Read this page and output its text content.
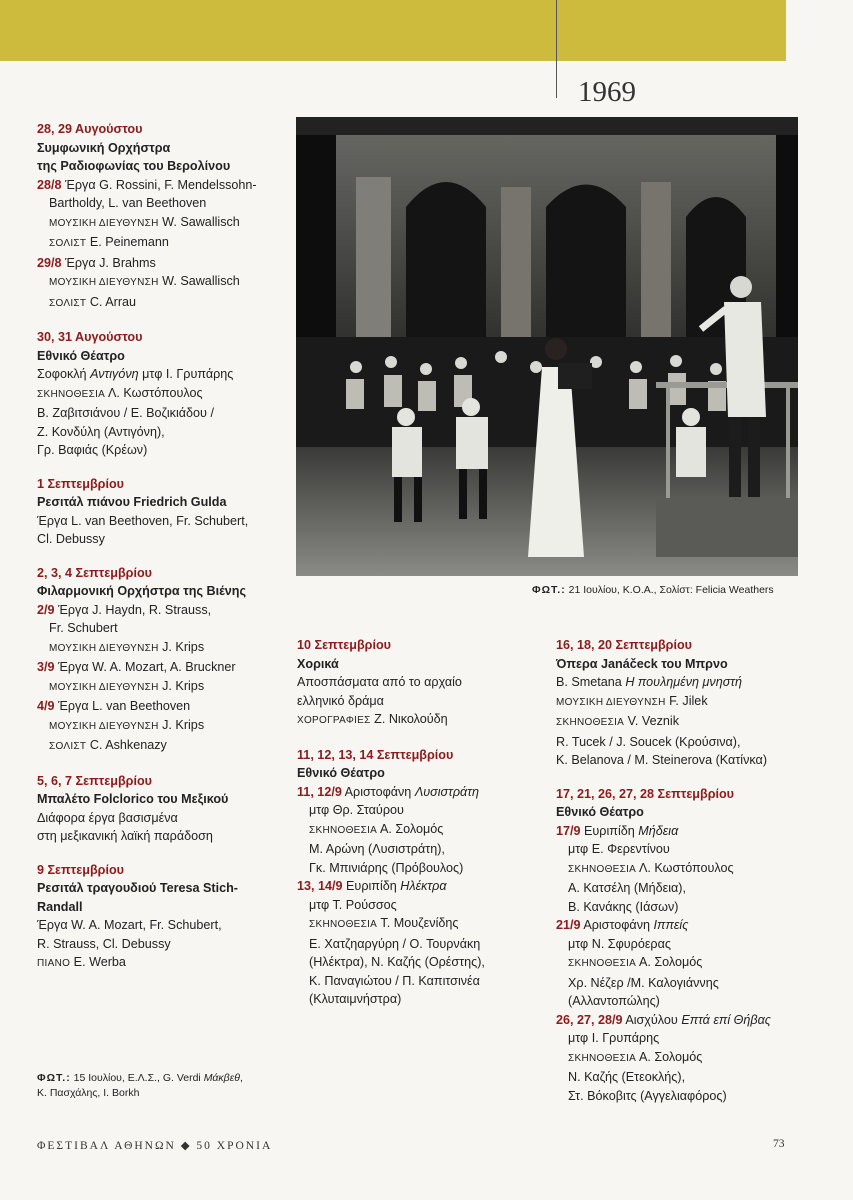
1969
28, 29 Αυγούστου
Συμφωνική Ορχήστρα
της Ραδιοφωνίας του Βερολίνου
28/8 Έργα G. Rossini, F. Mendelssohn-
Bartholdy, L. van Beethoven
ΜΟΥΣΙΚΗ ΔΙΕΥΘΥΝΣΗ W. Sawallisch
ΣΟΛΙΣΤ E. Peinemann
29/8 Έργα J. Brahms
ΜΟΥΣΙΚΗ ΔΙΕΥΘΥΝΣΗ W. Sawallisch
ΣΟΛΙΣΤ C. Arrau
30, 31 Αυγούστου
Εθνικό Θέατρο
Σοφοκλή Αντιγόνη μτφ Ι. Γρυπάρης
ΣΚΗΝΟΘΕΣΙΑ Λ. Κωστόπουλος
Β. Ζαβιτσιάνου / Ε. Βοζικιάδου /
Ζ. Κονδύλη (Αντιγόνη),
Γρ. Βαφιάς (Κρέων)
1 Σεπτεμβρίου
Ρεσιτάλ πιάνου Friedrich Gulda
Έργα L. van Beethoven, Fr. Schubert,
Cl. Debussy
2, 3, 4 Σεπτεμβρίου
Φιλαρμονική Ορχήστρα της Βιένης
2/9 Έργα J. Haydn, R. Strauss,
Fr. Schubert
ΜΟΥΣΙΚΗ ΔΙΕΥΘΥΝΣΗ J. Krips
3/9 Έργα W. A. Mozart, A. Bruckner
ΜΟΥΣΙΚΗ ΔΙΕΥΘΥΝΣΗ J. Krips
4/9 Έργα L. van Beethoven
ΜΟΥΣΙΚΗ ΔΙΕΥΘΥΝΣΗ J. Krips
ΣΟΛΙΣΤ C. Ashkenazy
5, 6, 7 Σεπτεμβρίου
Μπαλέτο Folclorico του Μεξικού
Διάφορα έργα βασισμένα
στη μεξικανική λαϊκή παράδοση
9 Σεπτεμβρίου
Ρεσιτάλ τραγουδιού Teresa Stich-
Randall
Έργα W. A. Mozart, Fr. Schubert,
R. Strauss, Cl. Debussy
ΠΙΑΝΟ E. Werba
ΦΩΤ.: 21 Ιουλίου, Κ.Ο.Α., Σολίστ: Felicia Weathers
10 Σεπτεμβρίου
Χορικά
Αποσπάσματα από το αρχαίο
ελληνικό δράμα
ΧΟΡΟΓΡΑΦΙΕΣ Ζ. Νικολούδη
11, 12, 13, 14 Σεπτεμβρίου
Εθνικό Θέατρο
11, 12/9 Αριστοφάνη Λυσιστράτη
μτφ Θρ. Σταύρου
ΣΚΗΝΟΘΕΣΙΑ Α. Σολομός
Μ. Αρώνη (Λυσιστράτη),
Γκ. Μπινιάρης (Πρόβουλος)
13, 14/9 Ευριπίδη Ηλέκτρα
μτφ Τ. Ρούσσος
ΣΚΗΝΟΘΕΣΙΑ Τ. Μουζενίδης
Ε. Χατζηαργύρη / Ο. Τουρνάκη
(Ηλέκτρα), Ν. Καζής (Ορέστης),
Κ. Παναγιώτου / Π. Καπιτσινέα
(Κλυταιμνήστρα)
16, 18, 20 Σεπτεμβρίου
Όπερα Janáčeck του Μπρνο
B. Smetana Η πουλημένη μνηστή
ΜΟΥΣΙΚΗ ΔΙΕΥΘΥΝΣΗ F. Jilek
ΣΚΗΝΟΘΕΣΙΑ V. Veznik
R. Tucek / J. Soucek (Κρούσινα),
K. Belanova / M. Steinerova (Κατίνκα)
17, 21, 26, 27, 28 Σεπτεμβρίου
Εθνικό Θέατρο
17/9 Ευριπίδη Μήδεια
μτφ Ε. Φερεντίνου
ΣΚΗΝΟΘΕΣΙΑ Λ. Κωστόπουλος
Α. Κατσέλη (Μήδεια),
Β. Κανάκης (Ιάσων)
21/9 Αριστοφάνη Ιππείς
μτφ Ν. Σφυρόερας
ΣΚΗΝΟΘΕΣΙΑ Α. Σολομός
Χρ. Νέζερ /Μ. Καλογιάννης
(Αλλαντοπώλης)
26, 27, 28/9 Αισχύλου Επτά επί Θήβας
μτφ Ι. Γρυπάρης
ΣΚΗΝΟΘΕΣΙΑ Α. Σολομός
Ν. Καζής (Ετεοκλής),
Στ. Βόκοβιτς (Αγγελιαφόρος)
ΦΩΤ.: 15 Ιουλίου, Ε.Λ.Σ., G. Verdi Μάκβεθ,
Κ. Πασχάλης, Ι. Borkh
ΦΕΣΤΙΒΑΛ ΑΘΗΝΩΝ ◆ 50 ΧΡΟΝΙΑ	73
